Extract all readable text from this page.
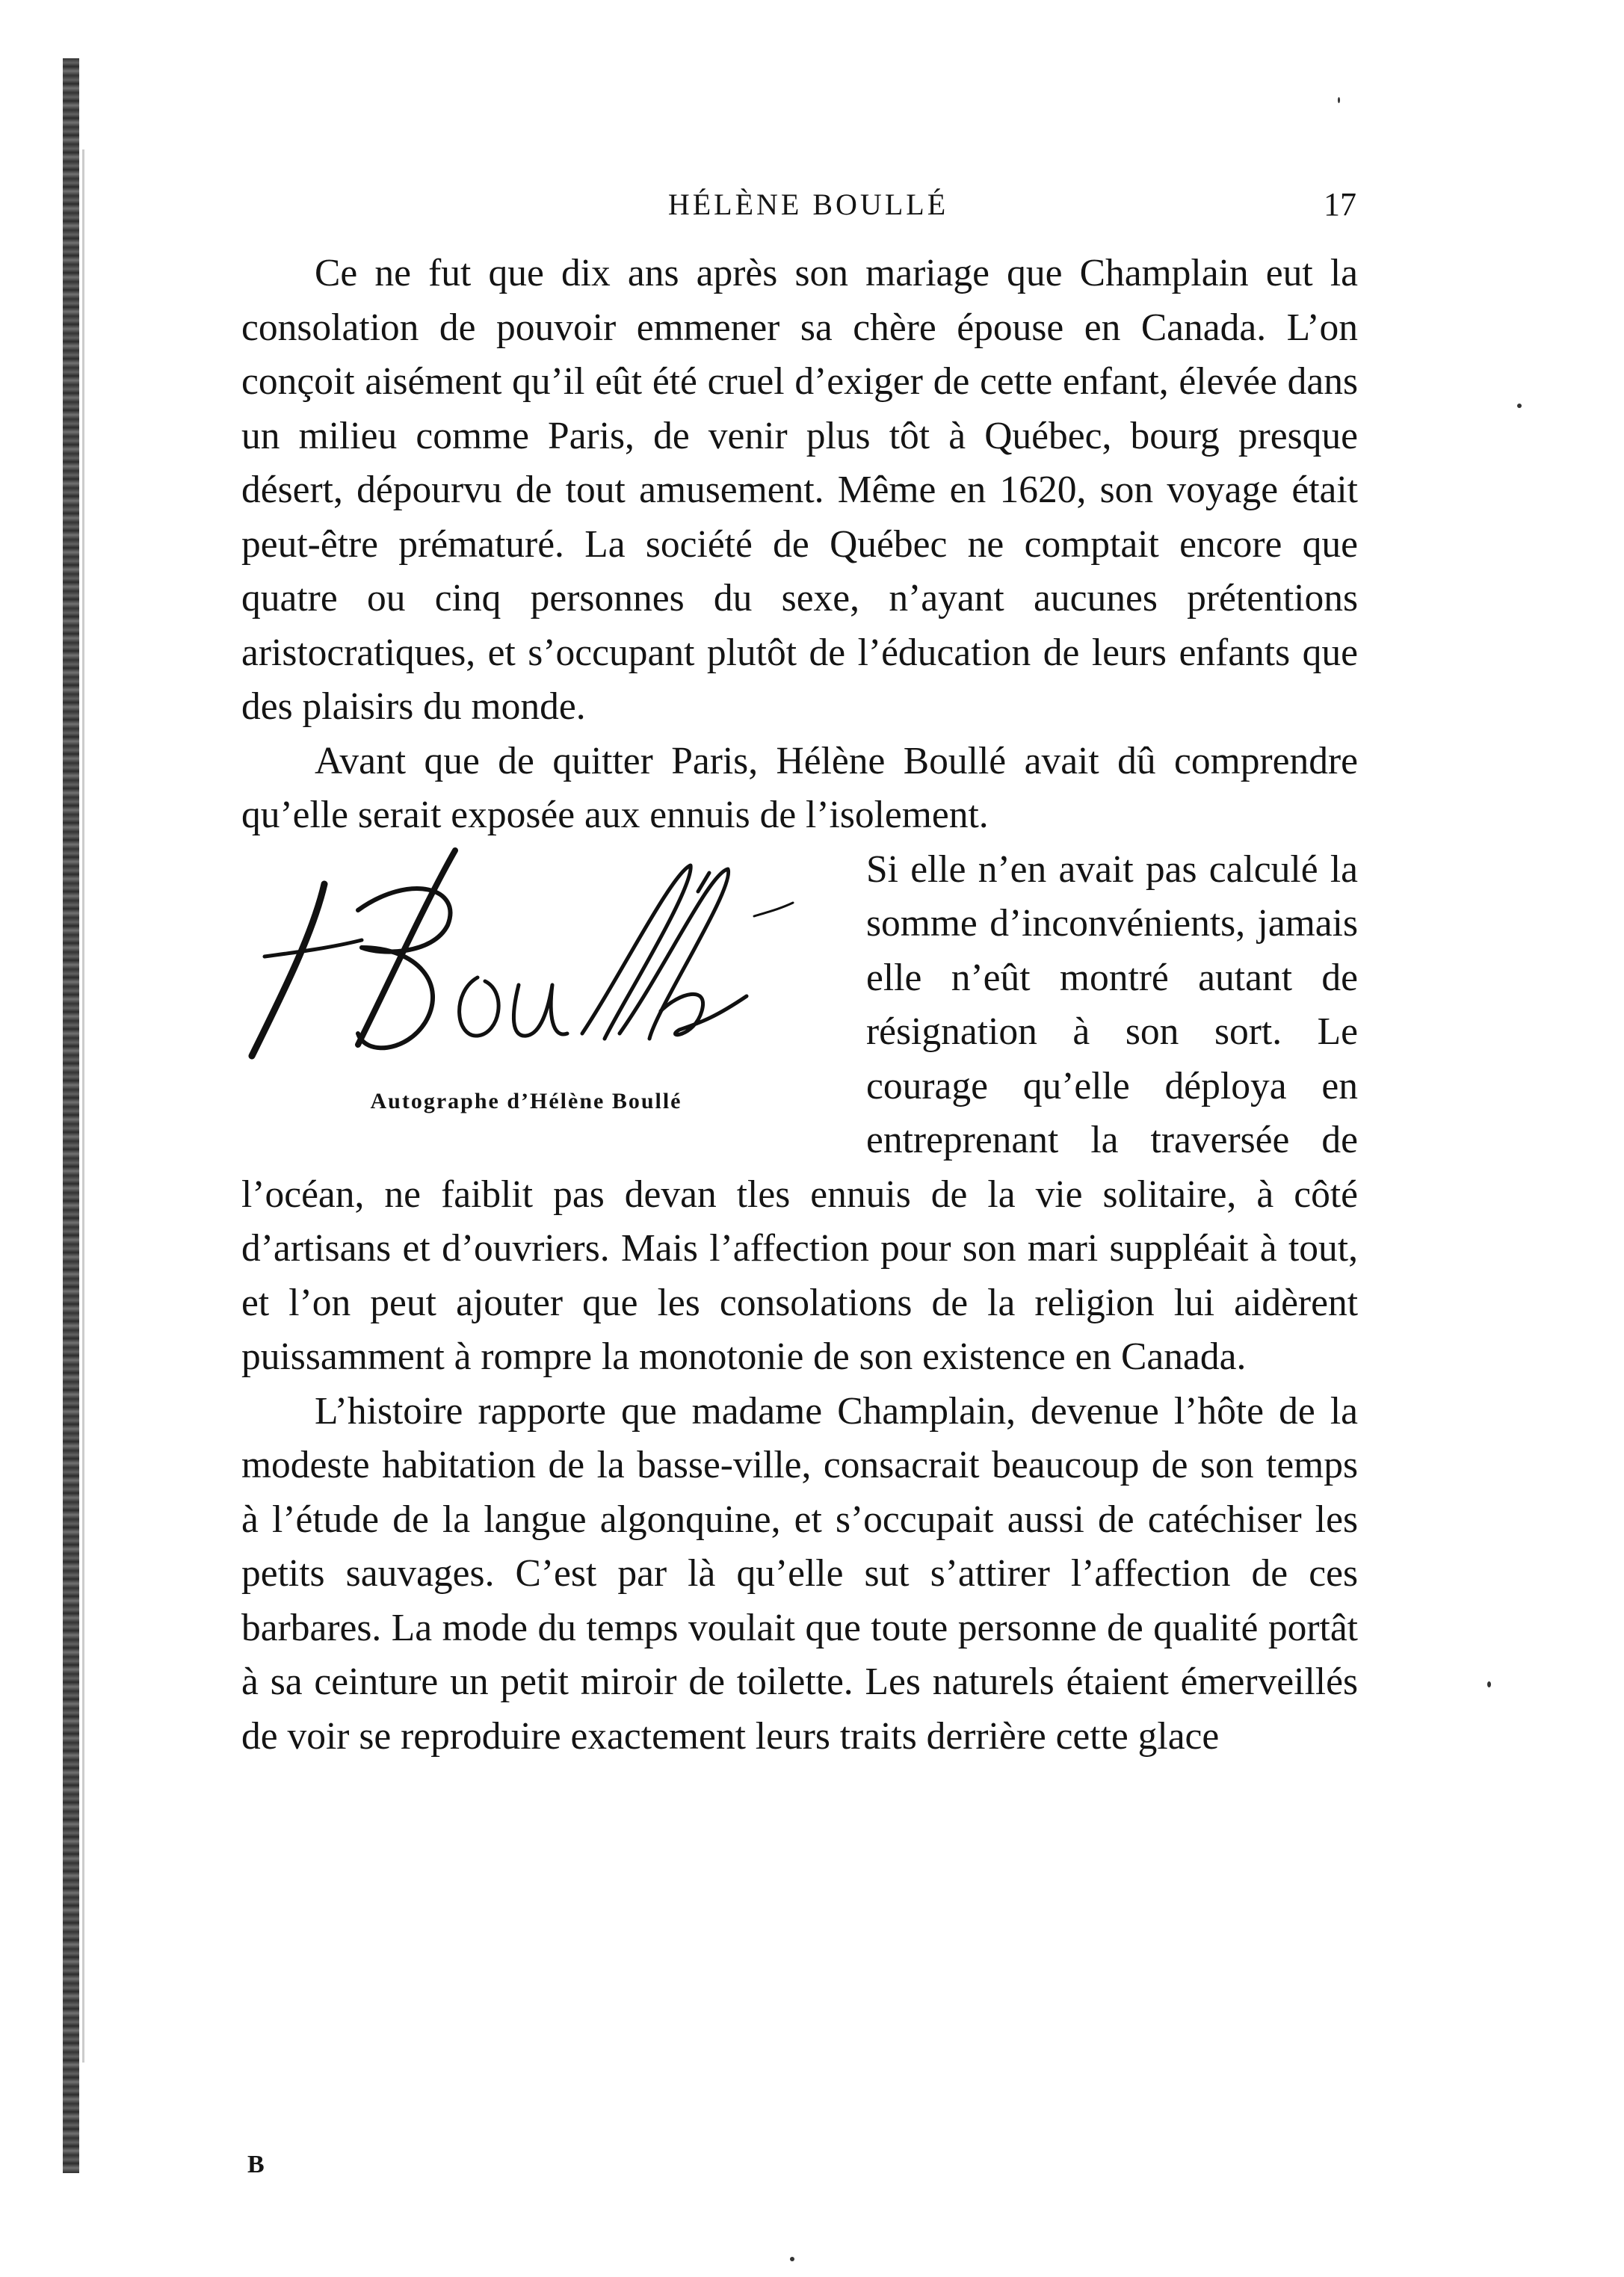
HÉLÈNE BOULLÉ	17

Ce ne fut que dix ans après son mariage que Champlain eut la consolation de pouvoir emmener sa chère épouse en Canada. L’on conçoit aisément qu’il eût été cruel d’exiger de cette enfant, élevée dans un milieu comme Paris, de venir plus tôt à Québec, bourg presque désert, dépourvu de tout amusement. Même en 1620, son voyage était peut-être prématuré. La société de Québec ne comptait encore que quatre ou cinq personnes du sexe, n’ayant aucunes prétentions aristocratiques, et s’occupant plutôt de l’éducation de leurs enfants que des plaisirs du monde.

Avant que de quitter Paris, Hélène Boullé avait dû comprendre qu’elle serait exposée aux ennuis de l’isolement.

Autographe d’Hélène Boullé

Si elle n’en avait pas calculé la somme d’inconvénients, jamais elle n’eût montré autant de résignation à son sort. Le courage qu’elle déploya en entreprenant la traversée de l’océan, ne faiblit pas devan tles ennuis de la vie solitaire, à côté d’artisans et d’ouvriers. Mais l’affection pour son mari suppléait à tout, et l’on peut ajouter que les consolations de la religion lui aidèrent puissamment à rompre la monotonie de son existence en Canada.

L’histoire rapporte que madame Champlain, devenue l’hôte de la modeste habitation de la basse-ville, consacrait beaucoup de son temps à l’étude de la langue algonquine, et s’occupait aussi de catéchiser les petits sauvages. C’est par là qu’elle sut s’attirer l’affection de ces barbares. La mode du temps voulait que toute personne de qualité portât à sa ceinture un petit miroir de toilette. Les naturels étaient émerveillés de voir se reproduire exactement leurs traits derrière cette glace

B
